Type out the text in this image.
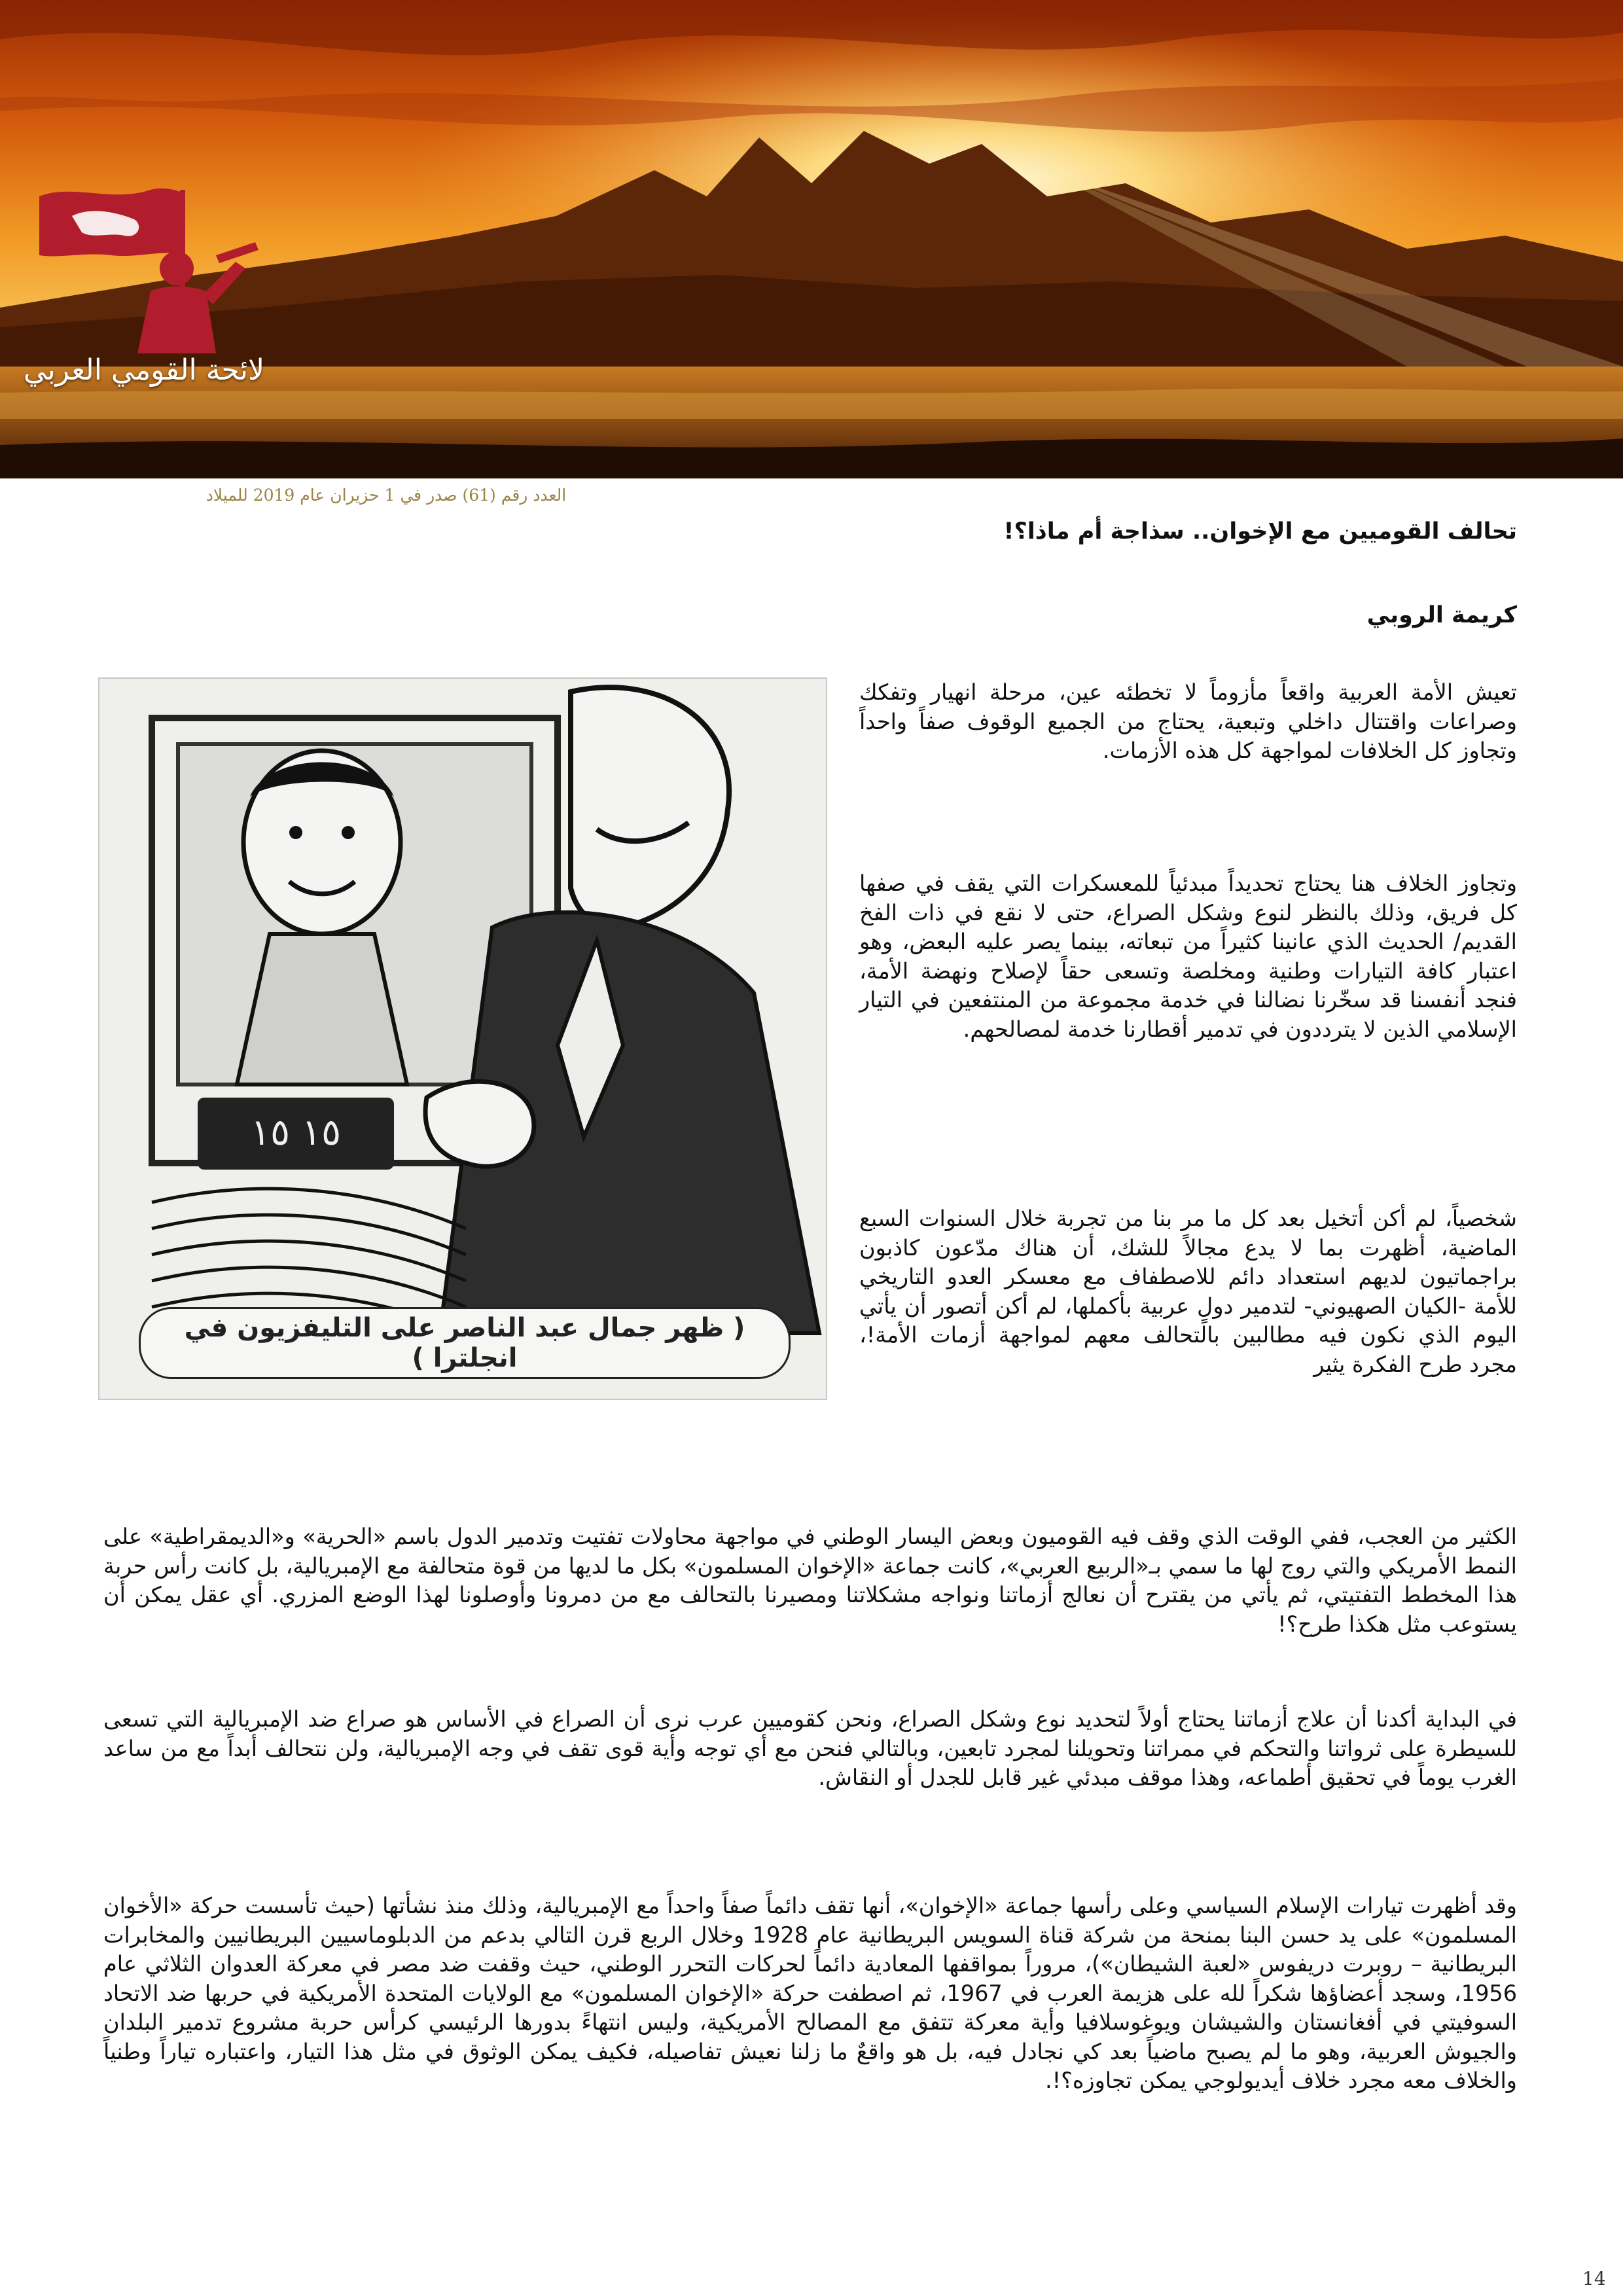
لائحة القومي العربي
العدد رقم (61) صدر في 1 حزيران عام 2019 للميلاد
تحالف القوميين مع الإخوان.. سذاجة أم ماذا؟!
كريمة الروبي
١٥ ١٥
( ظهر جمال عبد الناصر على التليفزيون في انجلترا )

تعيش الأمة العربية واقعاً مأزوماً لا تخطئه عين، مرحلة انهيار وتفكك وصراعات واقتتال داخلي وتبعية، يحتاج من الجميع الوقوف صفاً واحداً وتجاوز كل الخلافات لمواجهة كل هذه الأزمات.

وتجاوز الخلاف هنا يحتاج تحديداً مبدئياً للمعسكرات التي يقف في صفها كل فريق، وذلك بالنظر لنوع وشكل الصراع، حتى لا نقع في ذات الفخ القديم/ الحديث الذي عانينا كثيراً من تبعاته، بينما يصر عليه البعض، وهو اعتبار كافة التيارات وطنية ومخلصة وتسعى حقاً لإصلاح ونهضة الأمة، فنجد أنفسنا قد سخّرنا نضالنا في خدمة مجموعة من المنتفعين في التيار الإسلامي الذين لا يترددون في تدمير أقطارنا خدمة لمصالحهم.

شخصياً، لم أكن أتخيل بعد كل ما مر بنا من تجربة خلال السنوات السبع الماضية، أظهرت بما لا يدع مجالاً للشك، أن هناك مدّعون كاذبون براجماتيون لديهم استعداد دائم للاصطفاف مع معسكر العدو التاريخي للأمة -الكيان الصهيوني- لتدمير دولٍ عربية بأكملها، لم أكن أتصور أن يأتي اليوم الذي نكون فيه مطالبين بالتحالف معهم لمواجهة أزمات الأمة!، مجرد طرح الفكرة يثير

الكثير من العجب، ففي الوقت الذي وقف فيه القوميون وبعض اليسار الوطني في مواجهة محاولات تفتيت وتدمير الدول باسم «الحرية» و«الديمقراطية» على النمط الأمريكي والتي روج لها ما سمي بـ«الربيع العربي»، كانت جماعة «الإخوان المسلمون» بكل ما لديها من قوة متحالفة مع الإمبريالية، بل كانت رأس حربة هذا المخطط التفتيتي، ثم يأتي من يقترح أن نعالج أزماتنا ونواجه مشكلاتنا ومصيرنا بالتحالف مع من دمرونا وأوصلونا لهذا الوضع المزري. أي عقل يمكن أن يستوعب مثل هكذا طرح؟!

في البداية أكدنا أن علاج أزماتنا يحتاج أولاً لتحديد نوع وشكل الصراع، ونحن كقوميين عرب نرى أن الصراع في الأساس هو صراع ضد الإمبريالية التي تسعى للسيطرة على ثرواتنا والتحكم في ممراتنا وتحويلنا لمجرد تابعين، وبالتالي فنحن مع أي توجه وأية قوى تقف في وجه الإمبريالية، ولن نتحالف أبداً مع من ساعد الغرب يوماً في تحقيق أطماعه، وهذا موقف مبدئي غير قابل للجدل أو النقاش.

وقد أظهرت تيارات الإسلام السياسي وعلى رأسها جماعة «الإخوان»، أنها تقف دائماً صفاً واحداً مع الإمبريالية، وذلك منذ نشأتها (حيث تأسست حركة «الأخوان المسلمون» على يد حسن البنا بمنحة من شركة قناة السويس البريطانية عام 1928 وخلال الربع قرن التالي بدعم من الدبلوماسيين البريطانيين والمخابرات البريطانية – روبرت دريفوس «لعبة الشيطان»)، مروراً بمواقفها المعادية دائماً لحركات التحرر الوطني، حيث وقفت ضد مصر في معركة العدوان الثلاثي عام 1956، وسجد أعضاؤها شكراً لله على هزيمة العرب في 1967، ثم اصطفت حركة «الإخوان المسلمون» مع الولايات المتحدة الأمريكية في حربها ضد الاتحاد السوفيتي في أفغانستان والشيشان ويوغوسلافيا وأية معركة تتفق مع المصالح الأمريكية، وليس انتهاءً بدورها الرئيسي كرأس حربة مشروع تدمير البلدان والجيوش العربية، وهو ما لم يصبح ماضياً بعد كي نجادل فيه، بل هو واقعٌ ما زلنا نعيش تفاصيله، فكيف يمكن الوثوق في مثل هذا التيار، واعتباره تياراً وطنياً والخلاف معه مجرد خلاف أيديولوجي يمكن تجاوزه؟!.

14
